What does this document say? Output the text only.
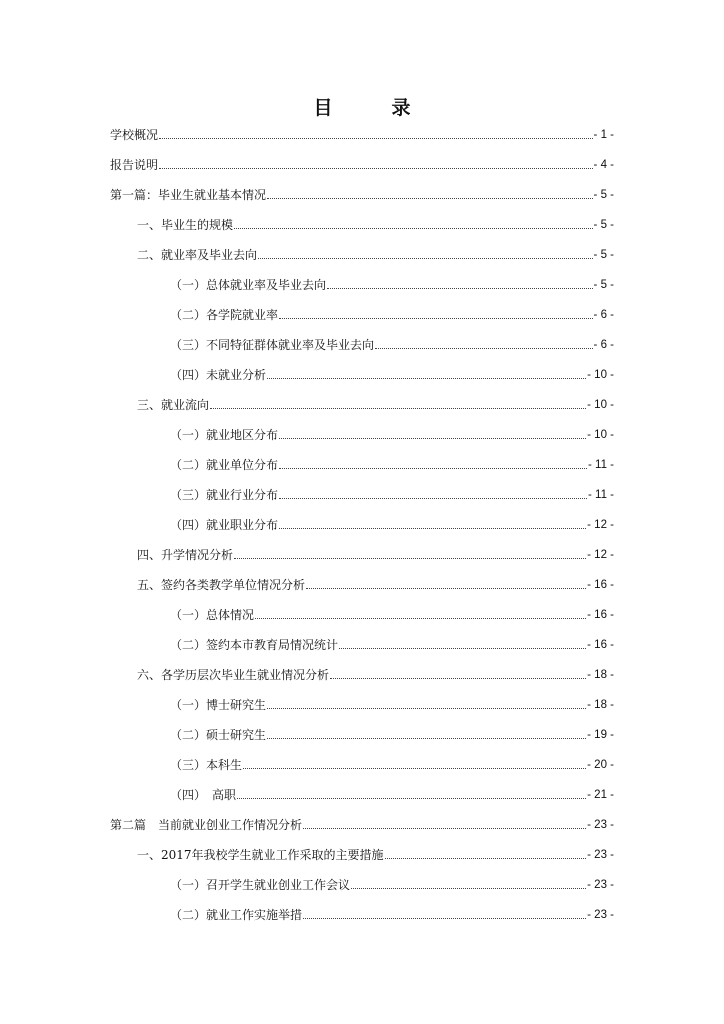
目　录
学校概况	- 1 -
报告说明	- 4 -
第一篇：毕业生就业基本情况	- 5 -
一、毕业生的规模	- 5 -
二、就业率及毕业去向	- 5 -
（一）总体就业率及毕业去向	- 5 -
（二）各学院就业率	- 6 -
（三）不同特征群体就业率及毕业去向	- 6 -
（四）未就业分析	- 10 -
三、就业流向	- 10 -
（一）就业地区分布	- 10 -
（二）就业单位分布	- 11 -
（三）就业行业分布	- 11 -
（四）就业职业分布	- 12 -
四、升学情况分析	- 12 -
五、签约各类教学单位情况分析	- 16 -
（一）总体情况	- 16 -
（二）签约本市教育局情况统计	- 16 -
六、各学历层次毕业生就业情况分析	- 18 -
（一）博士研究生	- 18 -
（二）硕士研究生	- 19 -
（三）本科生	- 20 -
（四）　高职	- 21 -
第二篇　当前就业创业工作情况分析	- 23 -
一、2017年我校学生就业工作采取的主要措施	- 23 -
（一）召开学生就业创业工作会议	- 23 -
（二）就业工作实施举措	- 23 -
